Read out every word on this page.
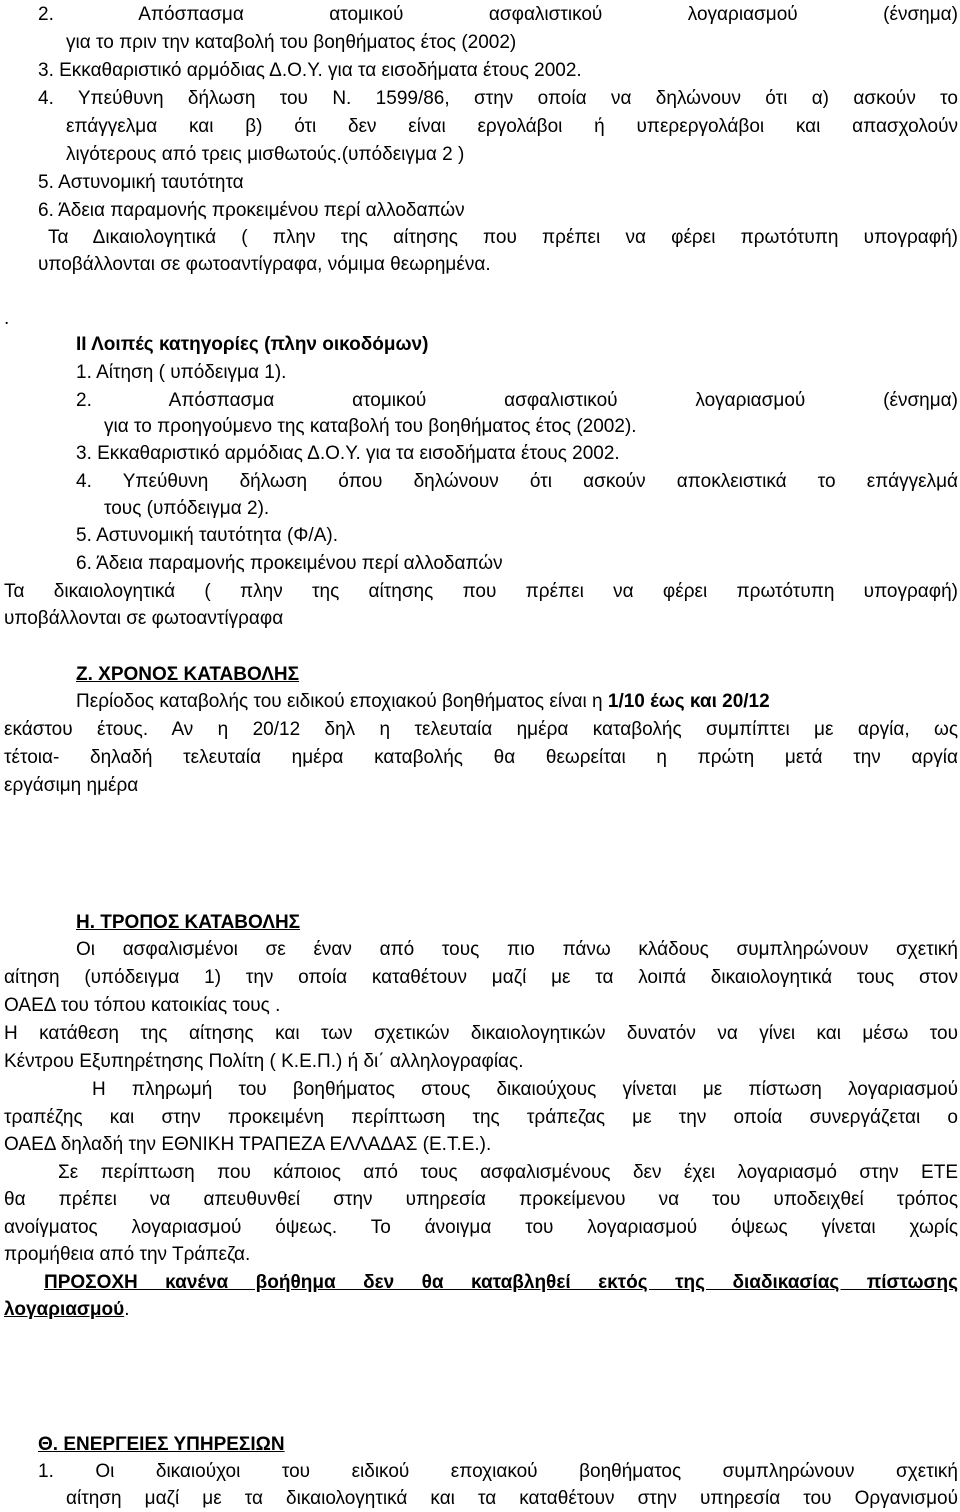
2. Απόσπασμα ατομικού ασφαλιστικού λογαριασμού (ένσημα)
για το πριν την καταβολή του βοηθήματος έτος (2002)
3. Εκκαθαριστικό αρμόδιας Δ.Ο.Υ. για τα εισοδήματα έτους 2002.
4. Υπεύθυνη δήλωση του Ν. 1599/86, στην οποία να δηλώνουν ότι α) ασκούν το
επάγγελμα και β) ότι δεν είναι εργολάβοι ή υπερεργολάβοι και απασχολούν
λιγότερους από τρεις μισθωτούς.(υπόδειγμα 2 )
5. Αστυνομική ταυτότητα
6. Άδεια παραμονής προκειμένου περί αλλοδαπών
Τα Δικαιολογητικά ( πλην της αίτησης που πρέπει να φέρει πρωτότυπη υπογραφή)
υποβάλλονται σε φωτοαντίγραφα, νόμιμα θεωρημένα.
.
ΙΙ Λοιπές κατηγορίες (πλην οικοδόμων)
1. Αίτηση ( υπόδειγμα 1).
2. Απόσπασμα ατομικού ασφαλιστικού λογαριασμού (ένσημα)
για το προηγούμενο της καταβολή του βοηθήματος έτος (2002).
3. Εκκαθαριστικό αρμόδιας Δ.Ο.Υ. για τα εισοδήματα έτους 2002.
4. Υπεύθυνη δήλωση όπου δηλώνουν ότι ασκούν αποκλειστικά το επάγγελμά
τους (υπόδειγμα 2).
5. Αστυνομική ταυτότητα (Φ/Α).
6. Άδεια παραμονής προκειμένου περί αλλοδαπών
Τα δικαιολογητικά ( πλην της αίτησης που πρέπει να φέρει πρωτότυπη υπογραφή)
υποβάλλονται σε φωτοαντίγραφα
Ζ. ΧΡΟΝΟΣ ΚΑΤΑΒΟΛΗΣ
Περίοδος καταβολής του ειδικού εποχιακού βοηθήματος είναι η 1/10 έως και 20/12
εκάστου έτους. Αν η 20/12 δηλ η τελευταία ημέρα καταβολής συμπίπτει με αργία, ως
τέτοια- δηλαδή τελευταία ημέρα καταβολής θα θεωρείται η πρώτη μετά την αργία
εργάσιμη ημέρα
Η. ΤΡΟΠΟΣ ΚΑΤΑΒΟΛΗΣ
Οι ασφαλισμένοι σε έναν από τους πιο πάνω κλάδους συμπληρώνουν σχετική
αίτηση (υπόδειγμα 1) την οποία καταθέτουν μαζί με τα λοιπά δικαιολογητικά τους στον
ΟΑΕΔ του τόπου κατοικίας τους .
Η κατάθεση της αίτησης και των σχετικών δικαιολογητικών δυνατόν να γίνει και μέσω του
Κέντρου Εξυπηρέτησης Πολίτη ( Κ.Ε.Π.) ή δι΄ αλληλογραφίας.
Η πληρωμή του βοηθήματος στους δικαιούχους γίνεται με πίστωση λογαριασμού
τραπέζης και στην προκειμένη περίπτωση της τράπεζας με την οποία συνεργάζεται ο
ΟΑΕΔ δηλαδή την ΕΘΝΙΚΗ ΤΡΑΠΕΖΑ ΕΛΛΑΔΑΣ (Ε.Τ.Ε.).
Σε περίπτωση που κάποιος από τους ασφαλισμένους δεν έχει λογαριασμό στην ΕΤΕ
θα πρέπει να απευθυνθεί στην υπηρεσία προκείμενου να του υποδειχθεί τρόπος
ανοίγματος λογαριασμού όψεως. Το άνοιγμα του λογαριασμού όψεως γίνεται χωρίς
προμήθεια από την Τράπεζα.
ΠΡΟΣΟΧΗ κανένα βοήθημα δεν θα καταβληθεί εκτός της διαδικασίας πίστωσης
λογαριασμού.
Θ. ΕΝΕΡΓΕΙΕΣ ΥΠΗΡΕΣΙΩΝ
1. Οι δικαιούχοι του ειδικού εποχιακού βοηθήματος συμπληρώνουν σχετική
αίτηση μαζί με τα δικαιολογητικά και τα καταθέτουν στην υπηρεσία του Οργανισμού
